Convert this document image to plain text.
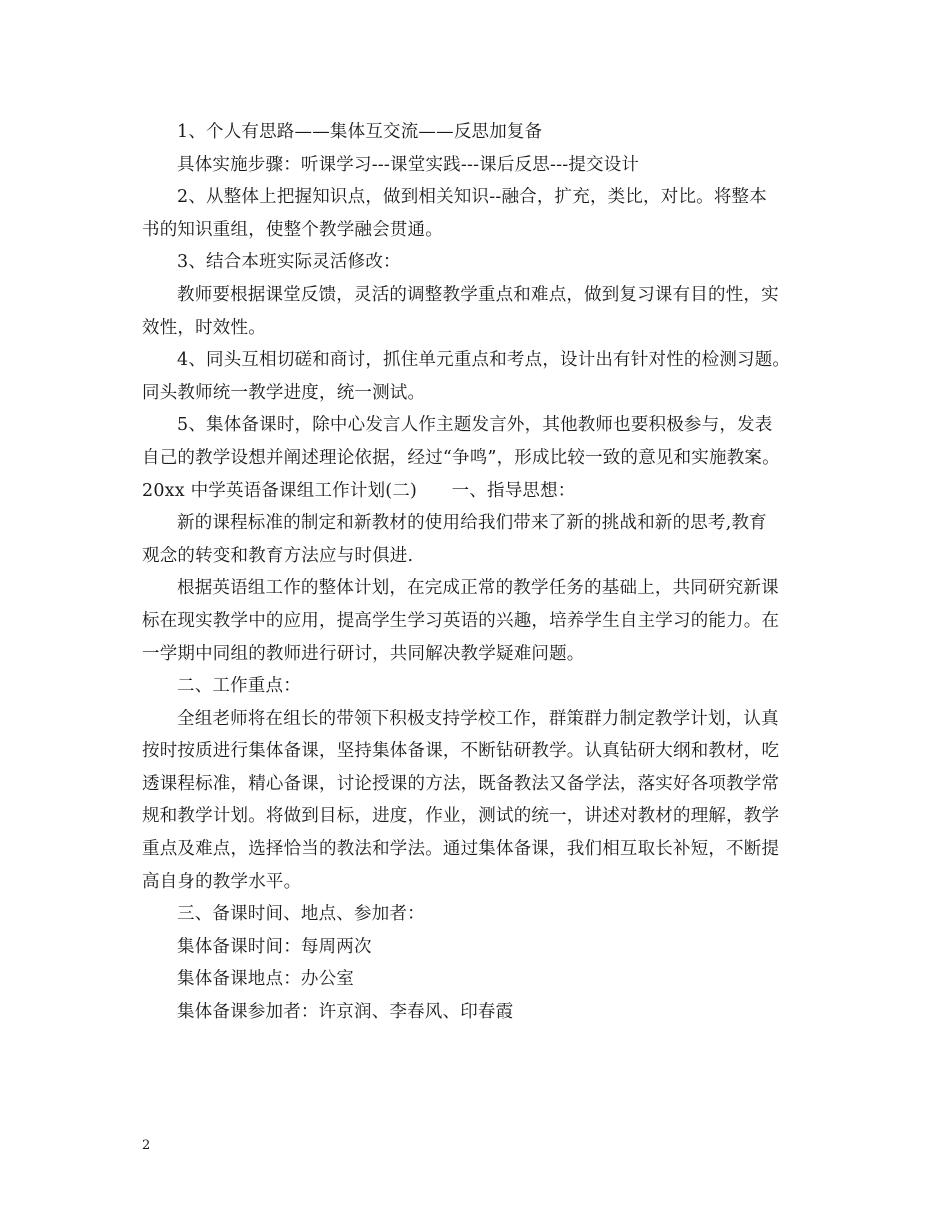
1、个人有思路——集体互交流——反思加复备
具体实施步骤：听课学习---课堂实践---课后反思---提交设计
2、从整体上把握知识点，做到相关知识--融合，扩充，类比，对比。将整本
书的知识重组，使整个教学融会贯通。
3、结合本班实际灵活修改：
教师要根据课堂反馈，灵活的调整教学重点和难点，做到复习课有目的性，实
效性，时效性。
4、同头互相切磋和商讨，抓住单元重点和考点，设计出有针对性的检测习题。
同头教师统一教学进度，统一测试。
5、集体备课时，除中心发言人作主题发言外，其他教师也要积极参与，发表
自己的教学设想并阐述理论依据，经过“争鸣”，形成比较一致的意见和实施教案。
20xx 中学英语备课组工作计划(二)      一、指导思想：
新的课程标准的制定和新教材的使用给我们带来了新的挑战和新的思考,教育
观念的转变和教育方法应与时俱进.
根据英语组工作的整体计划，在完成正常的教学任务的基础上，共同研究新课
标在现实教学中的应用，提高学生学习英语的兴趣，培养学生自主学习的能力。在
一学期中同组的教师进行研讨，共同解决教学疑难问题。
二、工作重点：
全组老师将在组长的带领下积极支持学校工作，群策群力制定教学计划，认真
按时按质进行集体备课，坚持集体备课，不断钻研教学。认真钻研大纲和教材，吃
透课程标准，精心备课，讨论授课的方法，既备教法又备学法，落实好各项教学常
规和教学计划。将做到目标，进度，作业，测试的统一，讲述对教材的理解，教学
重点及难点，选择恰当的教法和学法。通过集体备课，我们相互取长补短，不断提
高自身的教学水平。
三、备课时间、地点、参加者：
集体备课时间：每周两次
集体备课地点：办公室
集体备课参加者：许京润、李春风、印春霞
2
